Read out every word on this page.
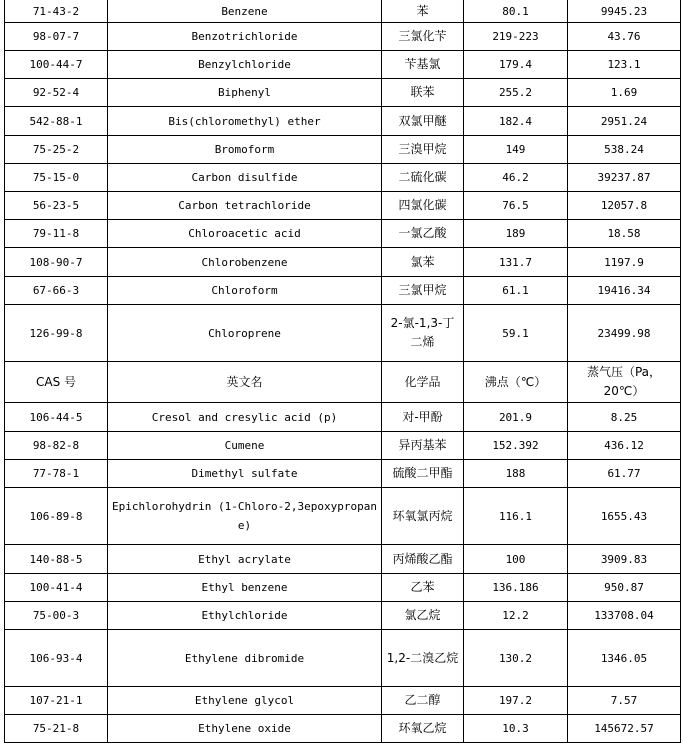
71-43-2	Benzene	苯	80.1	9945.23
98-07-7	Benzotrichloride	三氯化苄	219-223	43.76
100-44-7	Benzylchloride	苄基氯	179.4	123.1
92-52-4	Biphenyl	联苯	255.2	1.69
542-88-1	Bis(chloromethyl) ether	双氯甲醚	182.4	2951.24
75-25-2	Bromoform	三溴甲烷	149	538.24
75-15-0	Carbon disulfide	二硫化碳	46.2	39237.87
56-23-5	Carbon tetrachloride	四氯化碳	76.5	12057.8
79-11-8	Chloroacetic acid	一氯乙酸	189	18.58
108-90-7	Chlorobenzene	氯苯	131.7	1197.9
67-66-3	Chloroform	三氯甲烷	61.1	19416.34
126-99-8	Chloroprene	2-氯-1,3-丁二烯	59.1	23499.98
CAS 号	英文名	化学品	沸点（℃）	蒸气压（Pa，20℃）
106-44-5	Cresol and cresylic acid (p)	对-甲酚	201.9	8.25
98-82-8	Cumene	异丙基苯	152.392	436.12
77-78-1	Dimethyl sulfate	硫酸二甲酯	188	61.77
106-89-8	Epichlorohydrin (1-Chloro-2,3epoxypropane)	环氧氯丙烷	116.1	1655.43
140-88-5	Ethyl acrylate	丙烯酸乙酯	100	3909.83
100-41-4	Ethyl benzene	乙苯	136.186	950.87
75-00-3	Ethylchloride	氯乙烷	12.2	133708.04
106-93-4	Ethylene dibromide	1,2-二溴乙烷	130.2	1346.05
107-21-1	Ethylene glycol	乙二醇	197.2	7.57
75-21-8	Ethylene oxide	环氧乙烷	10.3	145672.57
